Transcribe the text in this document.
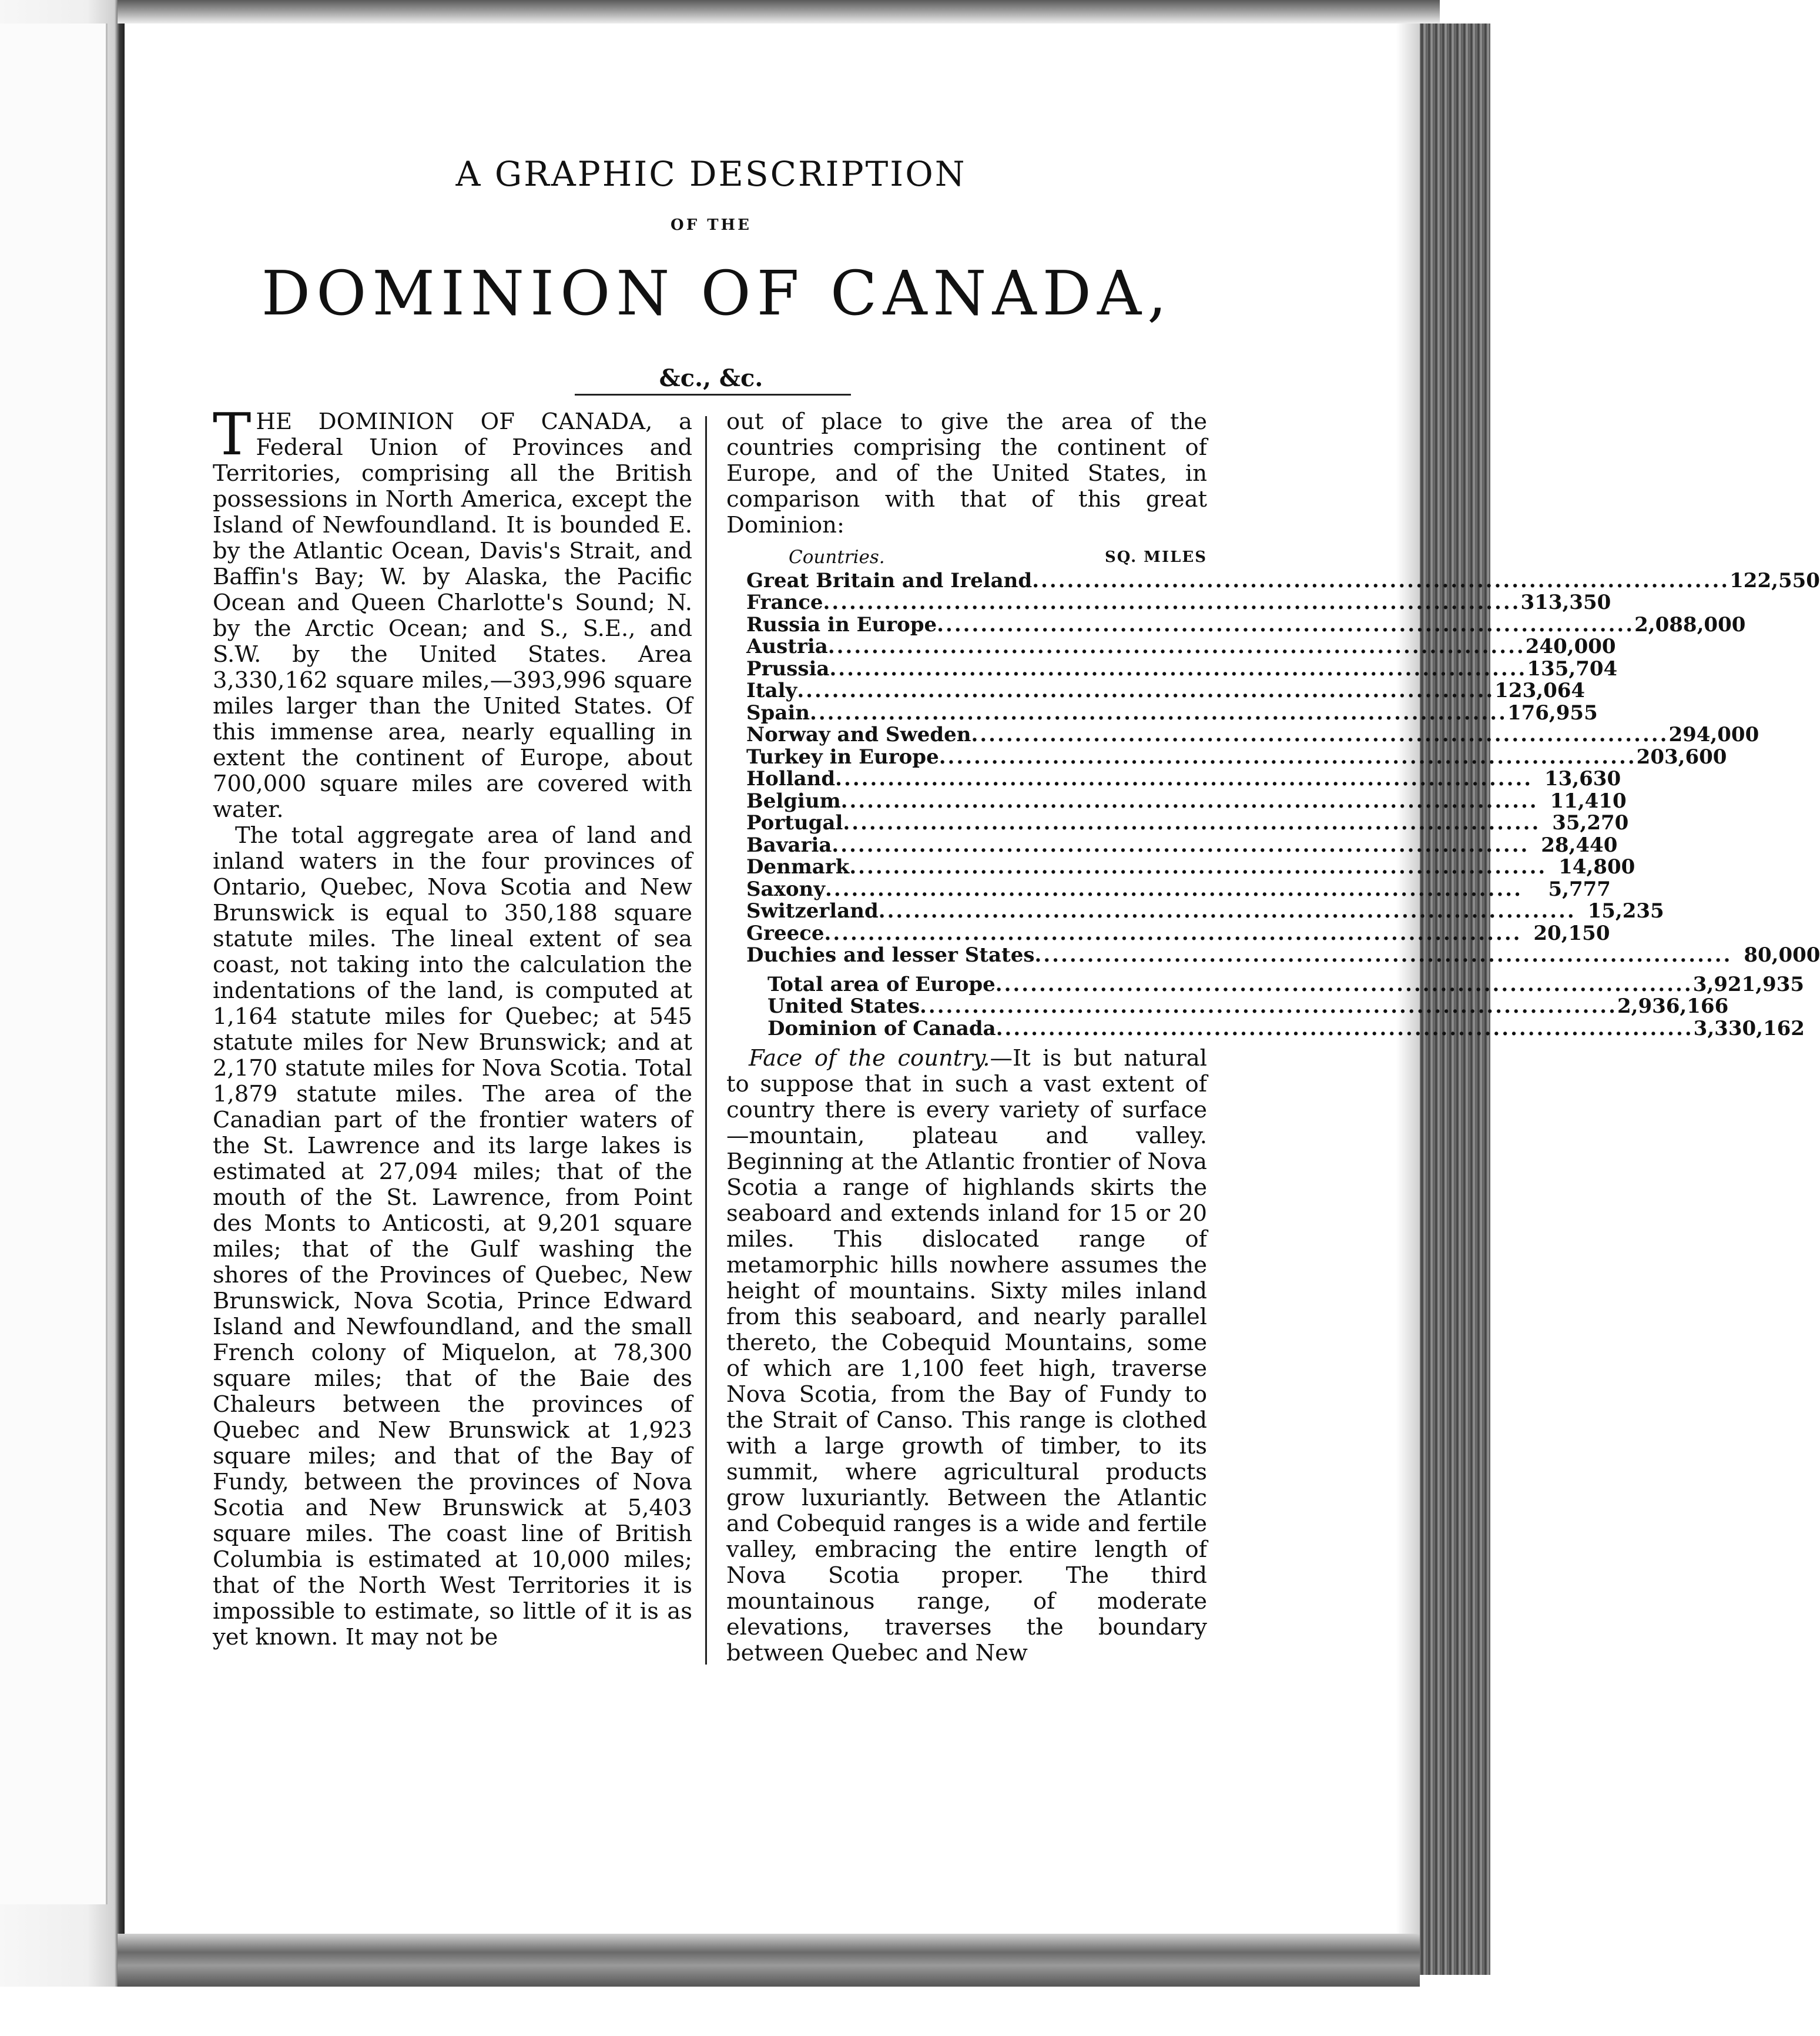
A GRAPHIC DESCRIPTION
OF THE
DOMINION OF CANADA,
&c., &c.

THE DOMINION OF CANADA, a Federal Union of Provinces and Territories, comprising all the British possessions in North America, except the Island of Newfoundland. It is bounded E. by the Atlantic Ocean, Davis's Strait, and Baffin's Bay; W. by Alaska, the Pacific Ocean and Queen Charlotte's Sound; N. by the Arctic Ocean; and S., S.E., and S.W. by the United States. Area 3,330,162 square miles,—393,996 square miles larger than the United States. Of this immense area, nearly equalling in extent the continent of Europe, about 700,000 square miles are covered with water.

The total aggregate area of land and inland waters in the four provinces of Ontario, Quebec, Nova Scotia and New Brunswick is equal to 350,188 square statute miles. The lineal extent of sea coast, not taking into the calculation the indentations of the land, is computed at 1,164 statute miles for Quebec; at 545 statute miles for New Brunswick; and at 2,170 statute miles for Nova Scotia. Total 1,879 statute miles. The area of the Canadian part of the frontier waters of the St. Lawrence and its large lakes is estimated at 27,094 miles; that of the mouth of the St. Lawrence, from Point des Monts to Anticosti, at 9,201 square miles; that of the Gulf washing the shores of the Provinces of Quebec, New Brunswick, Nova Scotia, Prince Edward Island and Newfoundland, and the small French colony of Miquelon, at 78,300 square miles; that of the Baie des Chaleurs between the provinces of Quebec and New Brunswick at 1,923 square miles; and that of the Bay of Fundy, between the provinces of Nova Scotia and New Brunswick at 5,403 square miles. The coast line of British Columbia is estimated at 10,000 miles; that of the North West Territories it is impossible to estimate, so little of it is as yet known. It may not be

out of place to give the area of the countries comprising the continent of Europe, and of the United States, in comparison with that of this great Dominion:

Countries.	SQ. MILES
Great Britain and Ireland ................................................................................ 122,550
France ................................................................................ 313,350
Russia in Europe ................................................................................ 2,088,000
Austria ................................................................................ 240,000
Prussia ................................................................................ 135,704
Italy ................................................................................ 123,064
Spain ................................................................................ 176,955
Norway and Sweden ................................................................................ 294,000
Turkey in Europe ................................................................................ 203,600
Holland ................................................................................ 13,630
Belgium ................................................................................ 11,410
Portugal ................................................................................ 35,270
Bavaria ................................................................................ 28,440
Denmark ................................................................................ 14,800
Saxony ................................................................................	5,777
Switzerland ................................................................................ 15,235
Greece ................................................................................ 20,150
Duchies and lesser States ................................................................................ 80,000
Total area of Europe ................................................................................ 3,921,935
United States ................................................................................ 2,936,166
Dominion of Canada ................................................................................ 3,330,162

Face of the country.—It is but natural to suppose that in such a vast extent of country there is every variety of surface—mountain, plateau and valley. Beginning at the Atlantic frontier of Nova Scotia a range of highlands skirts the seaboard and extends inland for 15 or 20 miles. This dislocated range of metamorphic hills nowhere assumes the height of mountains. Sixty miles inland from this seaboard, and nearly parallel thereto, the Cobequid Mountains, some of which are 1,100 feet high, traverse Nova Scotia, from the Bay of Fundy to the Strait of Canso. This range is clothed with a large growth of timber, to its summit, where agricultural products grow luxuriantly. Between the Atlantic and Cobequid ranges is a wide and fertile valley, embracing the entire length of Nova Scotia proper. The third mountainous range, of moderate elevations, traverses the boundary between Quebec and New
